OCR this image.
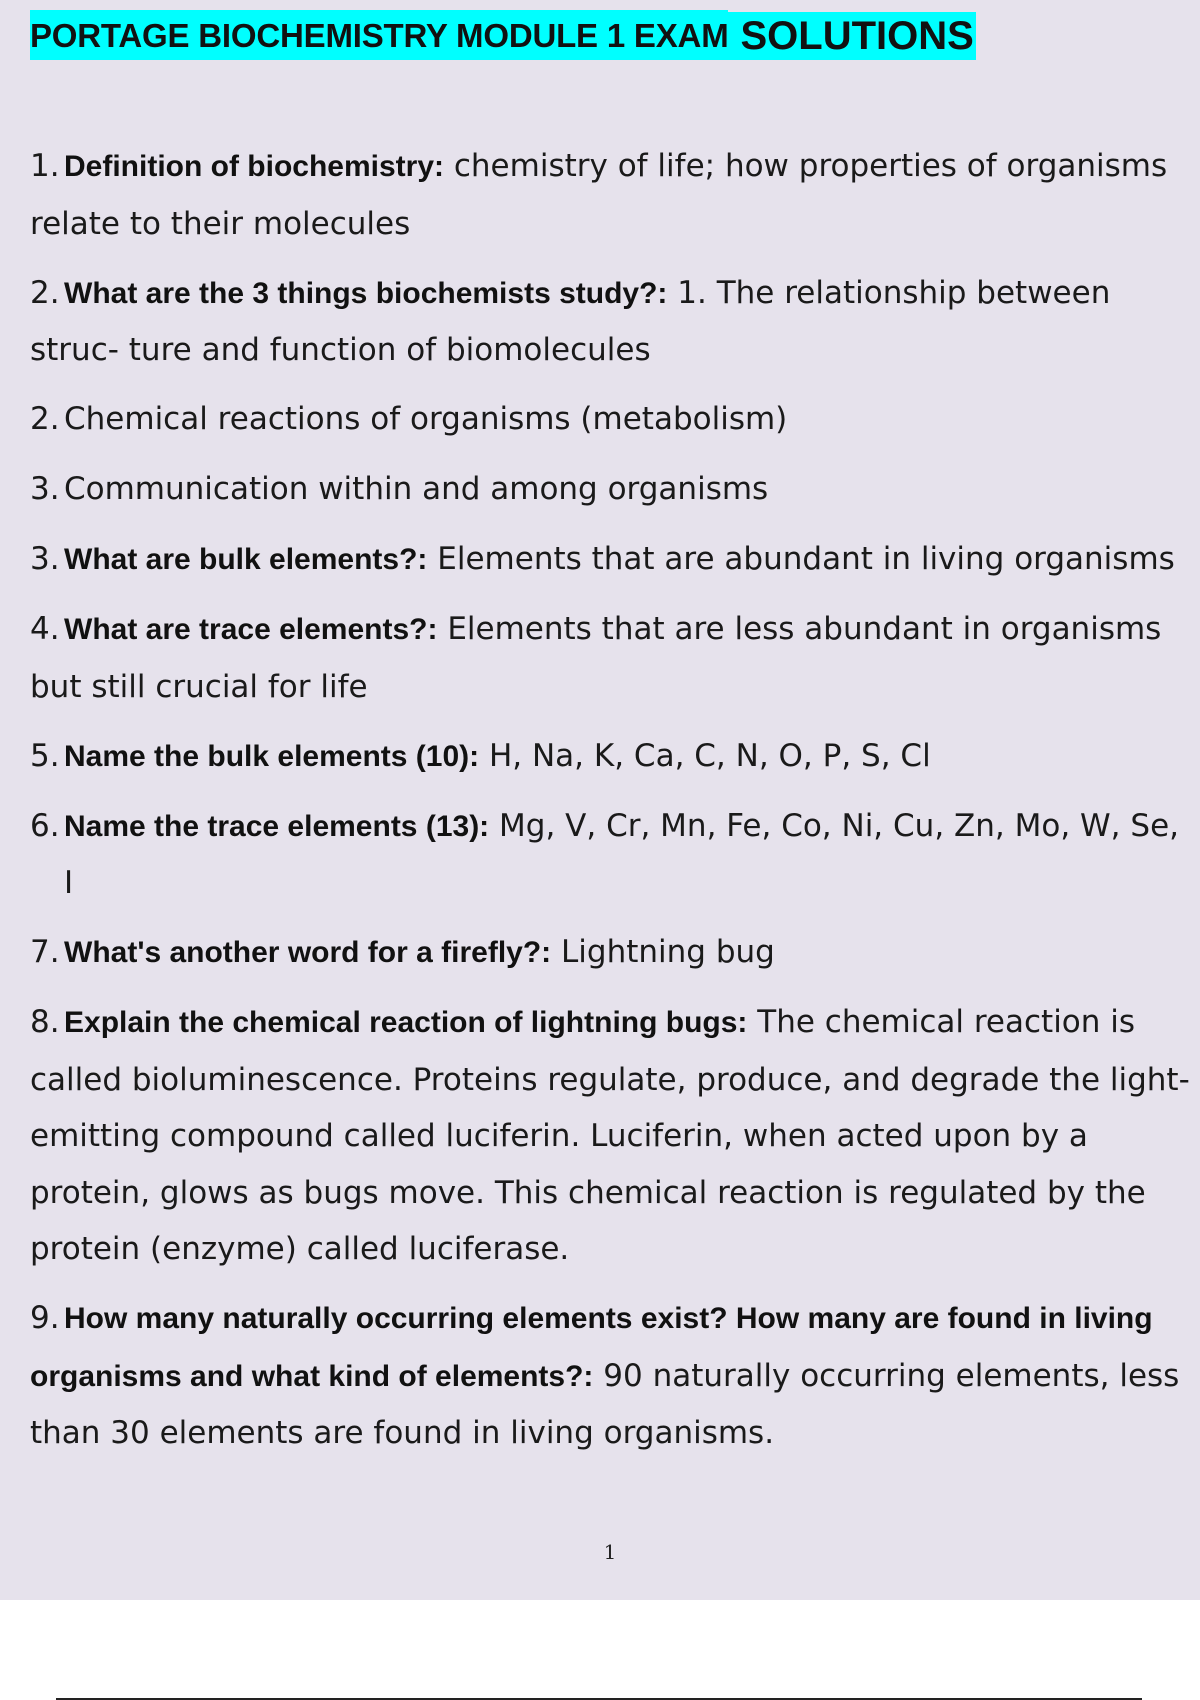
PORTAGE BIOCHEMISTRY MODULE 1 EXAM SOLUTIONS

1. Definition of biochemistry: chemistry of life; how properties of organisms relate to their molecules

2. What are the 3 things biochemists study?: 1. The relationship between struc- ture and function of biomolecules

2. Chemical reactions of organisms (metabolism)

3. Communication within and among organisms

3. What are bulk elements?: Elements that are abundant in living organisms

4. What are trace elements?: Elements that are less abundant in organisms but still crucial for life

5. Name the bulk elements (10): H, Na, K, Ca, C, N, O, P, S, Cl

6. Name the trace elements (13): Mg, V, Cr, Mn, Fe, Co, Ni, Cu, Zn, Mo, W, Se, I

7. What's another word for a firefly?: Lightning bug

8. Explain the chemical reaction of lightning bugs: The chemical reaction is called bioluminescence. Proteins regulate, produce, and degrade the light-emitting compound called luciferin. Luciferin, when acted upon by a protein, glows as bugs move. This chemical reaction is regulated by the protein (enzyme) called luciferase.

9. How many naturally occurring elements exist? How many are found in living organisms and what kind of elements?: 90 naturally occurring elements, less than 30 elements are found in living organisms.

1
